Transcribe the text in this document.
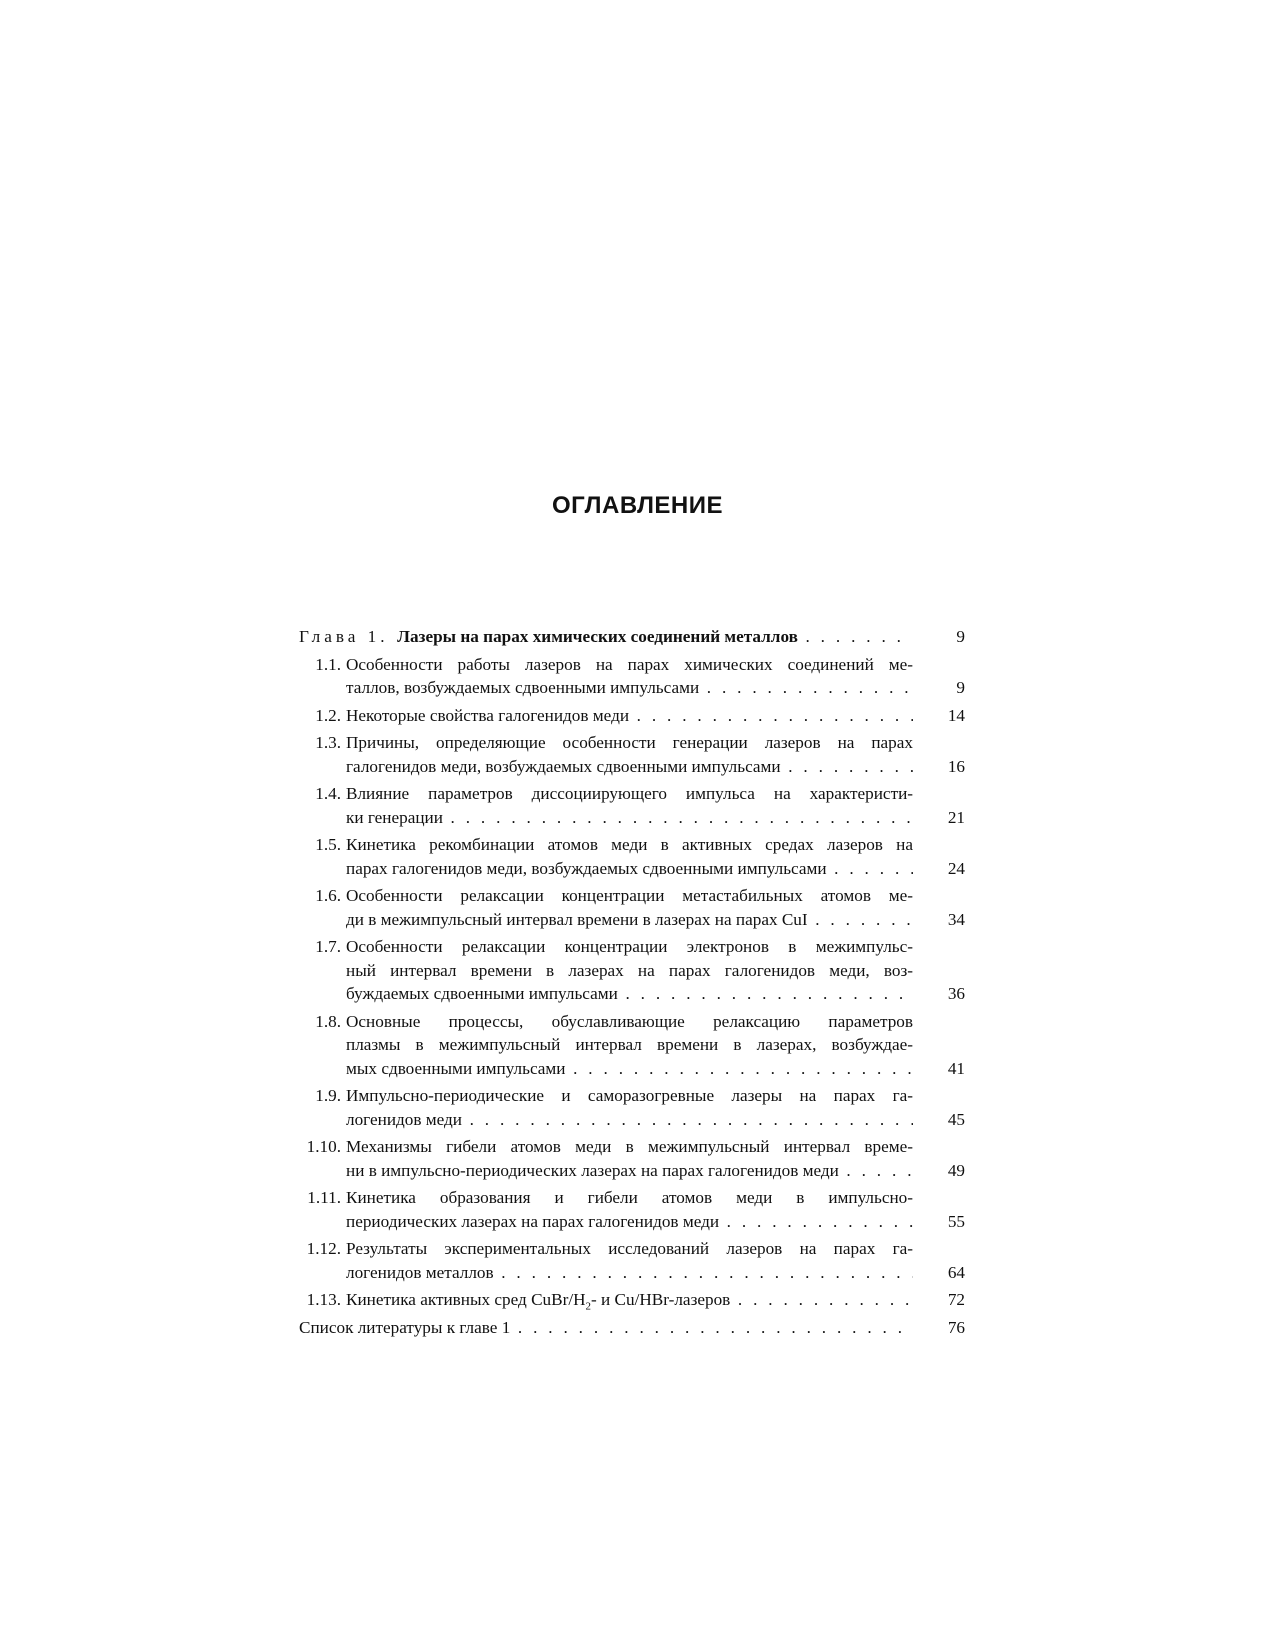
ОГЛАВЛЕНИЕ
Глава 1. Лазеры на парах химических соединений металлов . . .	9
1.1. Особенности работы лазеров на парах химических соединений ме-
таллов, возбуждаемых сдвоенными импульсами . . .	9
1.2. Некоторые свойства галогенидов меди . . .	14
1.3. Причины, определяющие особенности генерации лазеров на парах
галогенидов меди, возбуждаемых сдвоенными импульсами . . .	16
1.4. Влияние параметров диссоциирующего импульса на характеристи-
ки генерации . . .	21
1.5. Кинетика рекомбинации атомов меди в активных средах лазеров на
парах галогенидов меди, возбуждаемых сдвоенными импульсами . . .	24
1.6. Особенности релаксации концентрации метастабильных атомов ме-
ди в межимпульсный интервал времени в лазерах на парах CuI . . .	34
1.7. Особенности релаксации концентрации электронов в межимпульс-
ный интервал времени в лазерах на парах галогенидов меди, воз-
буждаемых сдвоенными импульсами . . .	36
1.8. Основные процессы, обуславливающие релаксацию параметров
плазмы в межимпульсный интервал времени в лазерах, возбуждае-
мых сдвоенными импульсами . . .	41
1.9. Импульсно-периодические и саморазогревные лазеры на парах га-
логенидов меди . . .	45
1.10. Механизмы гибели атомов меди в межимпульсный интервал време-
ни в импульсно-периодических лазерах на парах галогенидов меди . . .	49
1.11. Кинетика образования и гибели атомов меди в импульсно-
периодических лазерах на парах галогенидов меди . . .	55
1.12. Результаты экспериментальных исследований лазеров на парах га-
логенидов металлов . . .	64
1.13. Кинетика активных сред CuBr/$H_2-$ и Cu/HBr-лазеров . . .	72
Список литературы к главе 1 . . .	76
